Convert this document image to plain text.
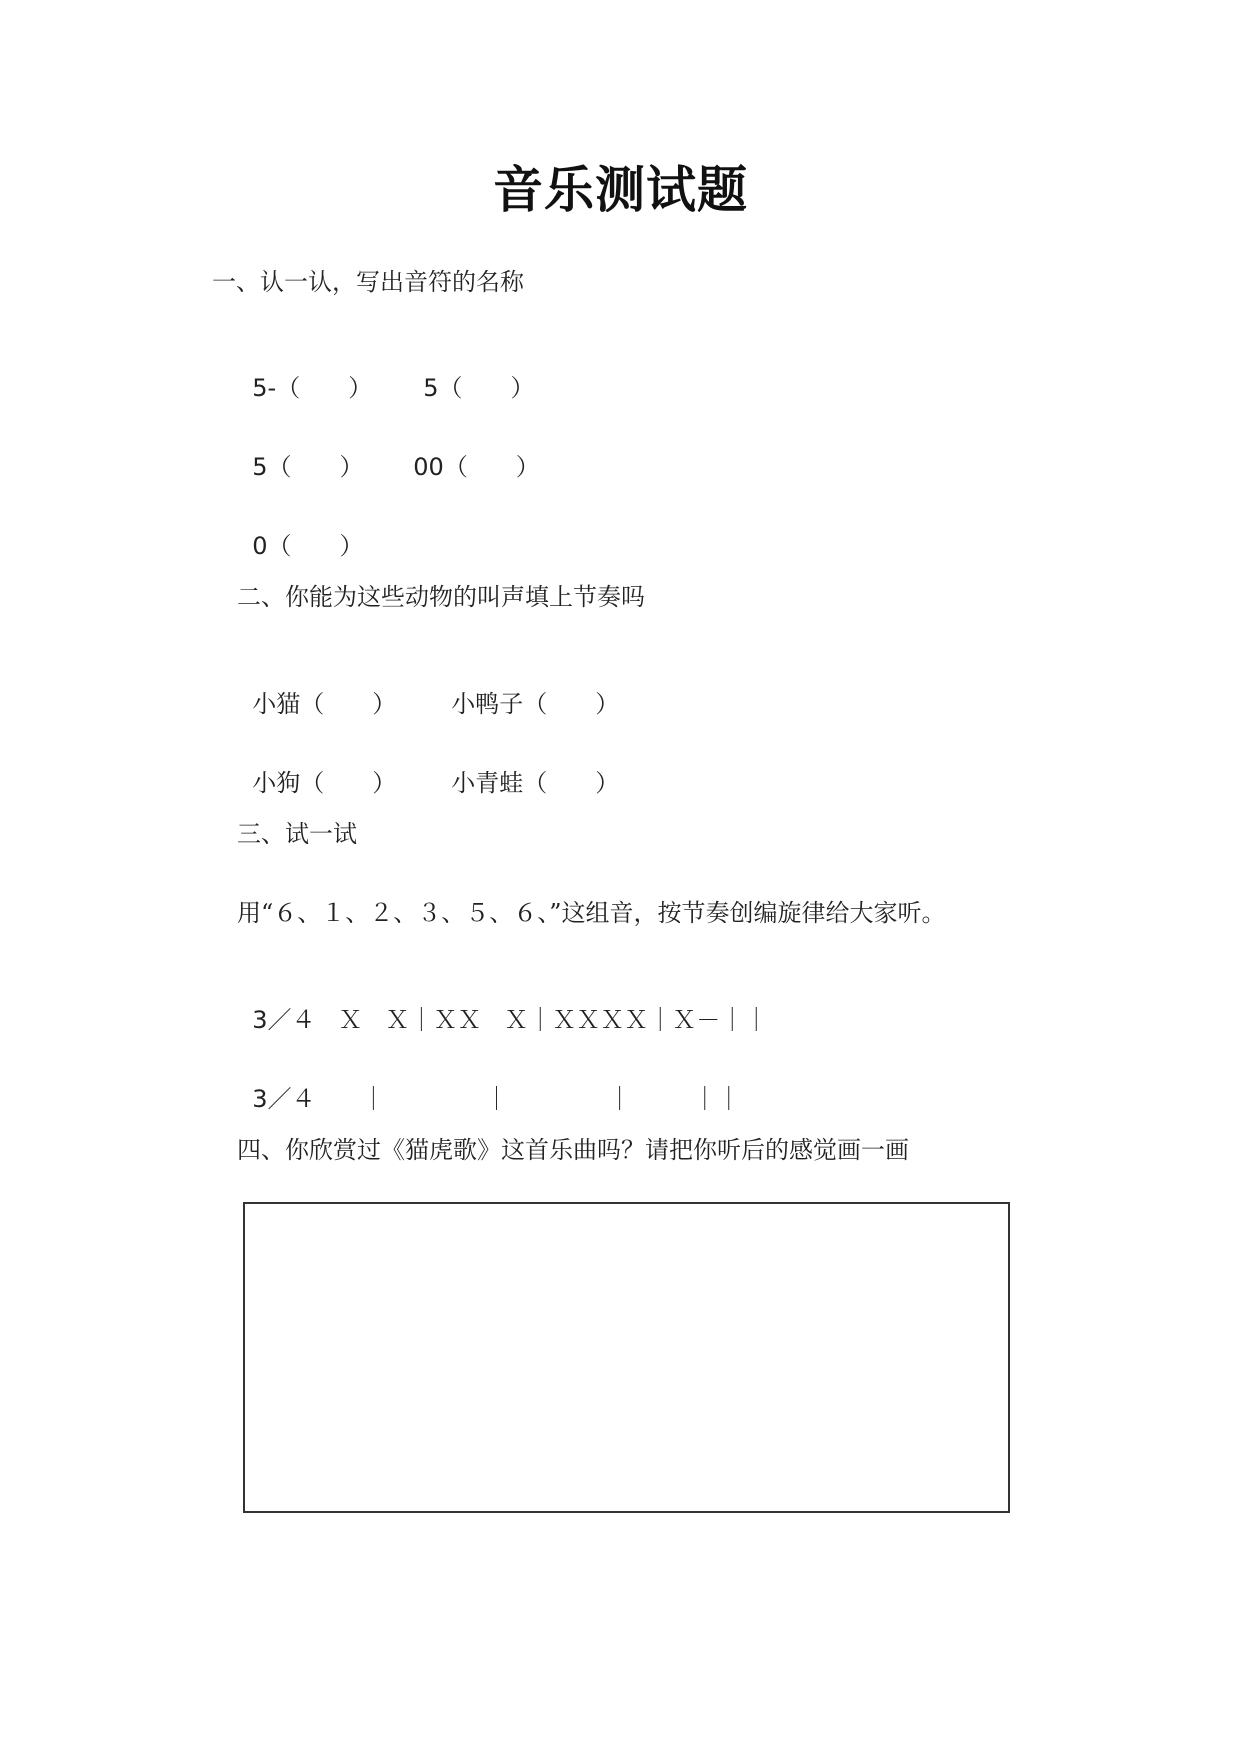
音乐测试题
一、认一认，写出音符的名称

5-（　　）	5（　　）

5（　　）	00（　　）

0（　　）

二、你能为这些动物的叫声填上节奏吗

小猫（　　）	小鸭子（　　）

小狗（　　）	小青蛙（　　）

三、试一试
用“６、１、２、３、５、６、”这组音，按节奏创编旋律给大家听。

3／４   Ｘ   Ｘ｜ＸＸ   Ｘ｜ＸＸＸＸ｜Ｘ－｜｜

3／４      ｜             ｜             ｜        ｜｜

四、你欣赏过《猫虎歌》这首乐曲吗？请把你听后的感觉画一画
